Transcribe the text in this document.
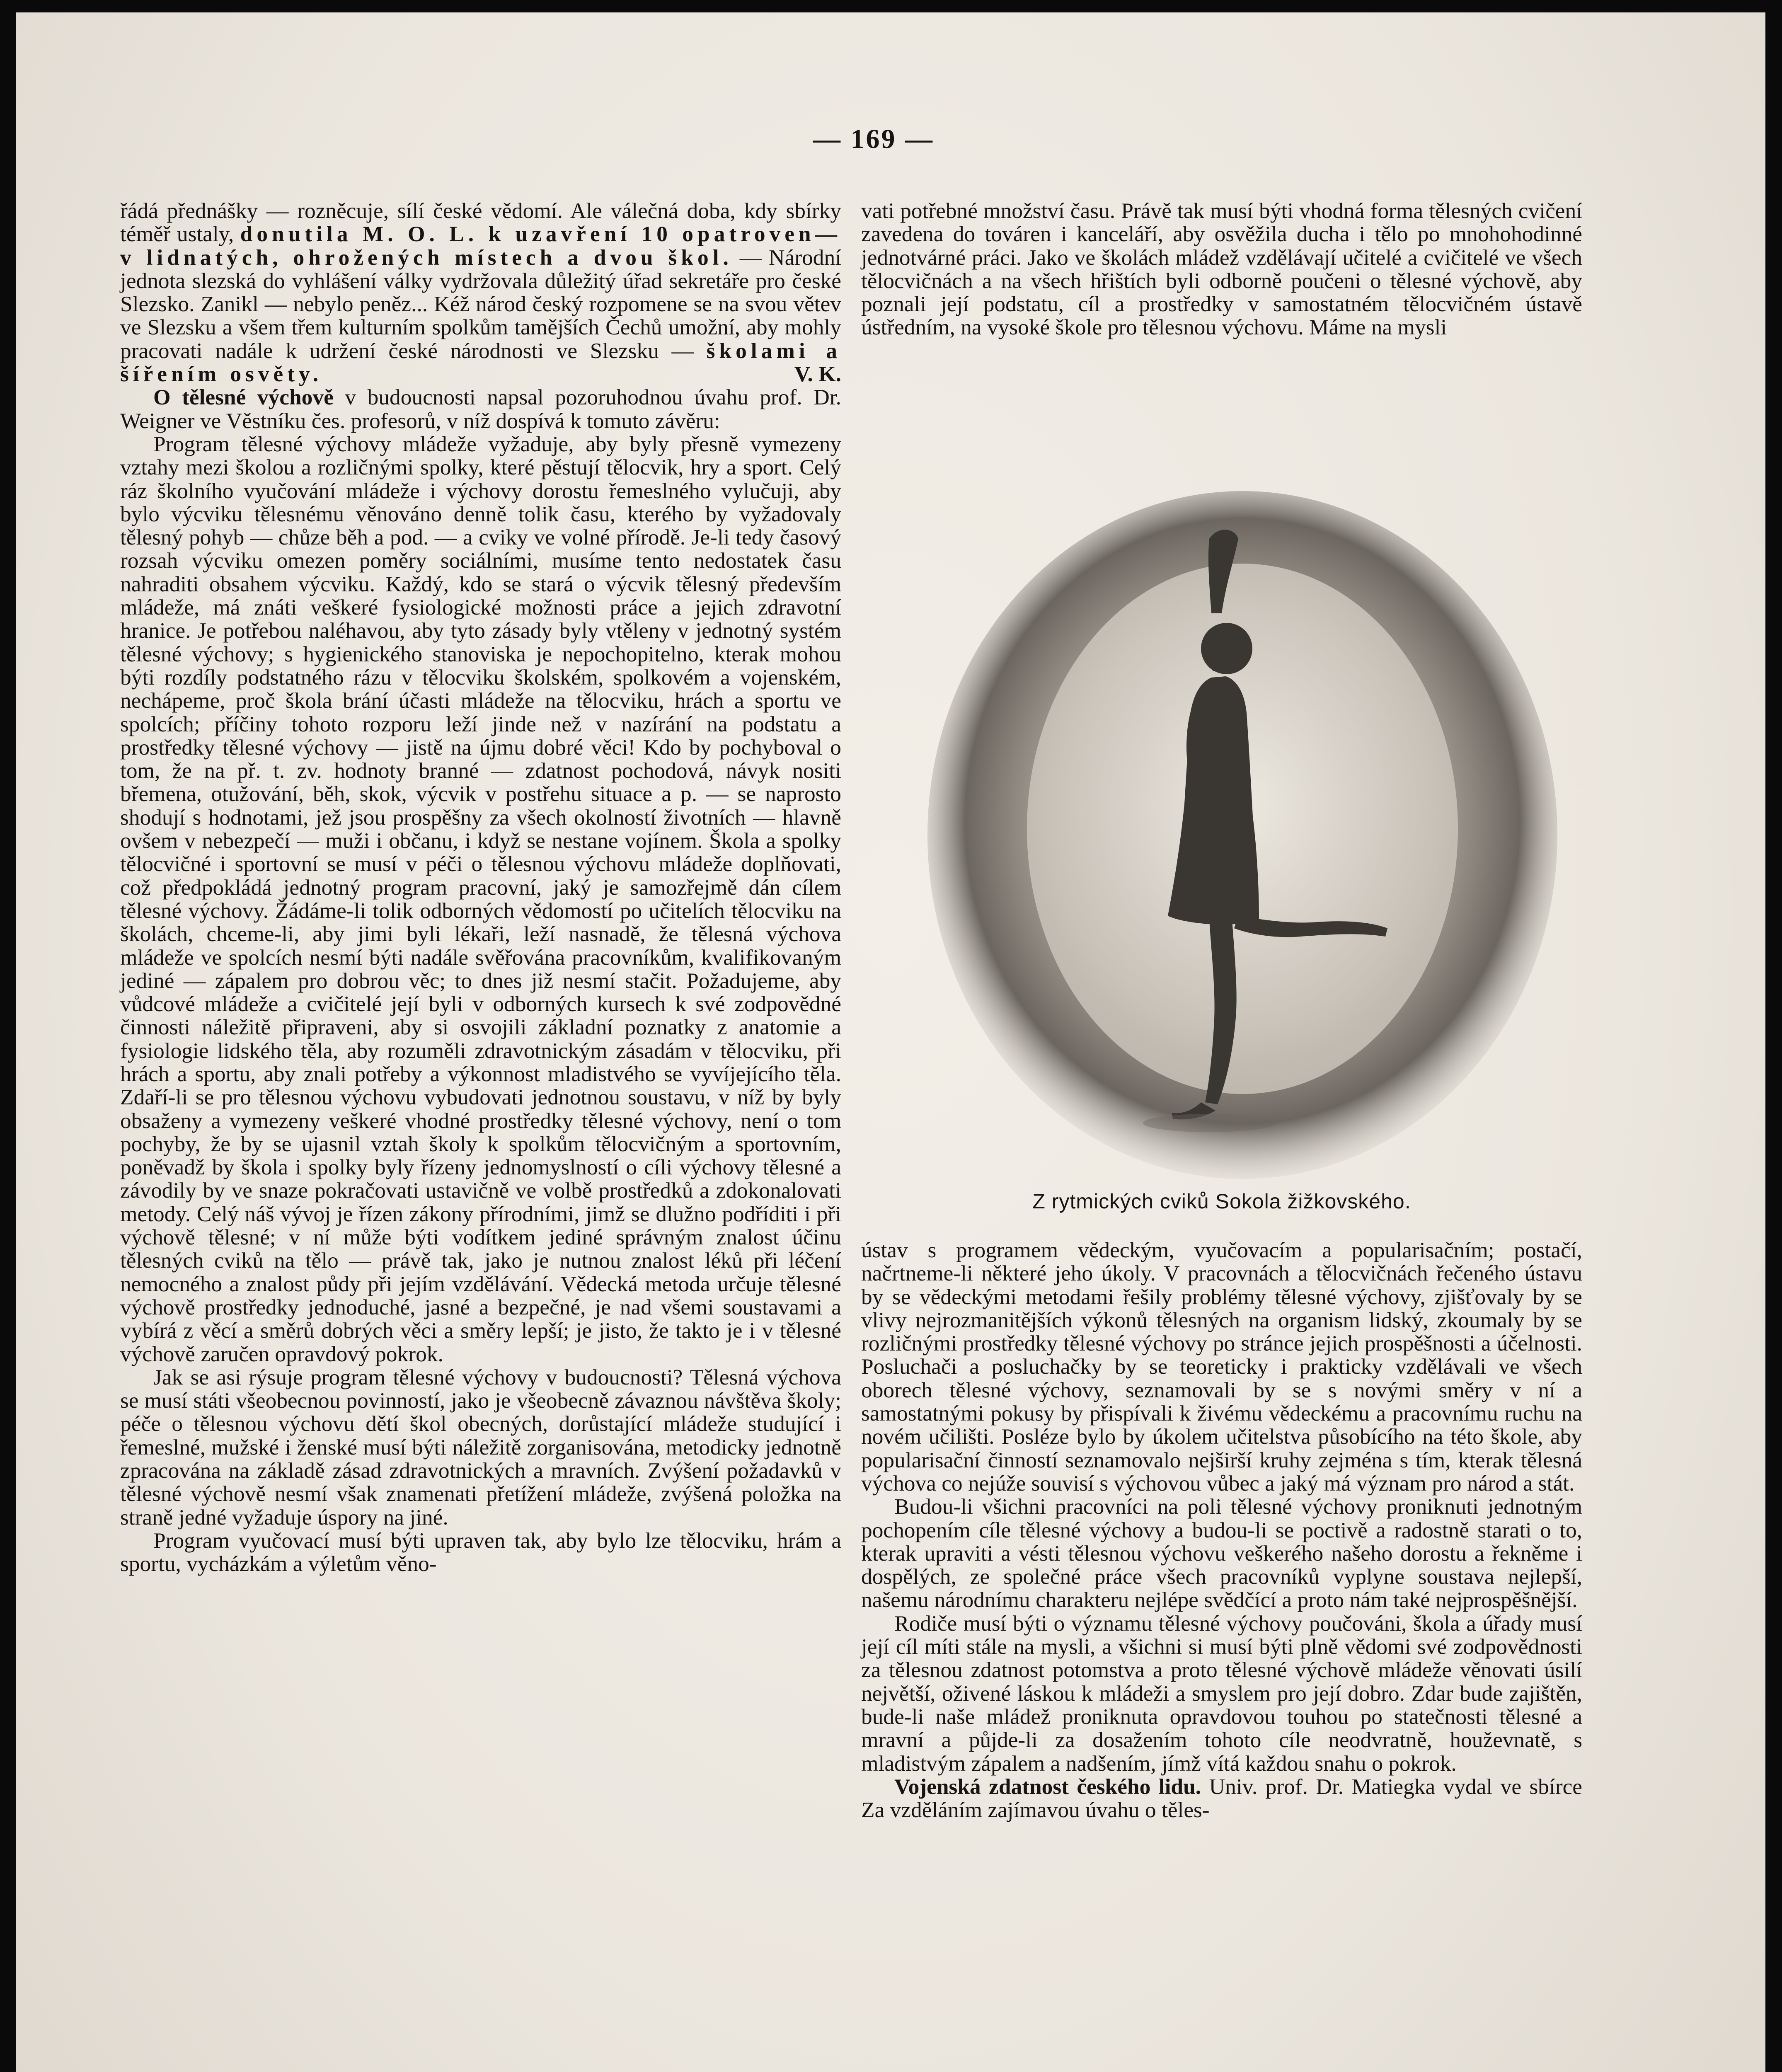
— 169 —

řádá přednášky — rozněcuje, sílí české vědomí. Ale válečná doba, kdy sbírky téměř ustaly, donutila M. O. L. k uzavření 10 opatroven—v lidnatých, ohrožených místech a dvou škol. — Národní jednota slezská do vyhlášení války vydržovala důležitý úřad sekretáře pro české Slezsko. Zanikl — nebylo peněz... Kéž národ český rozpomene se na svou větev ve Slezsku a všem třem kulturním spolkům tamějších Čechů umožní, aby mohly pracovati nadále k udržení české národnosti ve Slezsku — školami a šířením osvěty.	V. K.

O tělesné výchově v budoucnosti napsal pozoruhodnou úvahu prof. Dr. Weigner ve Věstníku čes. profesorů, v níž dospívá k tomuto závěru:

Program tělesné výchovy mládeže vyžaduje, aby byly přesně vymezeny vztahy mezi školou a rozličnými spolky, které pěstují tělocvik, hry a sport. Celý ráz školního vyučování mládeže i výchovy dorostu řemeslného vylučuji, aby bylo výcviku tělesnému věnováno denně tolik času, kterého by vyžadovaly tělesný pohyb — chůze běh a pod. — a cviky ve volné přírodě. Je-li tedy časový rozsah výcviku omezen poměry sociálními, musíme tento nedostatek času nahraditi obsahem výcviku. Každý, kdo se stará o výcvik tělesný především mládeže, má znáti veškeré fysiologické možnosti práce a jejich zdravotní hranice. Je potřebou naléhavou, aby tyto zásady byly vtěleny v jednotný systém tělesné výchovy; s hygienického stanoviska je nepochopitelno, kterak mohou býti rozdíly podstatného rázu v tělocviku školském, spolkovém a vojenském, nechápeme, proč škola brání účasti mládeže na tělocviku, hrách a sportu ve spolcích; příčiny tohoto rozporu leží jinde než v nazírání na podstatu a prostředky tělesné výchovy — jistě na újmu dobré věci! Kdo by pochyboval o tom, že na př. t. zv. hodnoty branné — zdatnost pochodová, návyk nositi břemena, otužování, běh, skok, výcvik v postřehu situace a p. — se naprosto shodují s hodnotami, jež jsou prospěšny za všech okolností životních — hlavně ovšem v nebezpečí — muži i občanu, i když se nestane vojínem. Škola a spolky tělocvičné i sportovní se musí v péči o tělesnou výchovu mládeže doplňovati, což předpokládá jednotný program pracovní, jaký je samozřejmě dán cílem tělesné výchovy. Žádáme-li tolik odborných vědomostí po učitelích tělocviku na školách, chceme-li, aby jimi byli lékaři, leží nasnadě, že tělesná výchova mládeže ve spolcích nesmí býti nadále svěřována pracovníkům, kvalifikovaným jediné — zápalem pro dobrou věc; to dnes již nesmí stačit. Požadujeme, aby vůdcové mládeže a cvičitelé její byli v odborných kursech k své zodpovědné činnosti náležitě připraveni, aby si osvojili základní poznatky z anatomie a fysiologie lidského těla, aby rozuměli zdravotnickým zásadám v tělocviku, při hrách a sportu, aby znali potřeby a výkonnost mladistvého se vyvíjejícího těla. Zdaří-li se pro tělesnou výchovu vybudovati jednotnou soustavu, v níž by byly obsaženy a vymezeny veškeré vhodné prostředky tělesné výchovy, není o tom pochyby, že by se ujasnil vztah školy k spolkům tělocvičným a sportovním, poněvadž by škola i spolky byly řízeny jednomyslností o cíli výchovy tělesné a závodily by ve snaze pokračovati ustavičně ve volbě prostředků a zdokonalovati metody. Celý náš vývoj je řízen zákony přírodními, jimž se dlužno podříditi i při výchově tělesné; v ní může býti vodítkem jediné správným znalost účinu tělesných cviků na tělo — právě tak, jako je nutnou znalost léků při léčení nemocného a znalost půdy při jejím vzdělávání. Vědecká metoda určuje tělesné výchově prostředky jednoduché, jasné a bezpečné, je nad všemi soustavami a vybírá z věcí a směrů dobrých věci a směry lepší; je jisto, že takto je i v tělesné výchově zaručen opravdový pokrok.

Jak se asi rýsuje program tělesné výchovy v budoucnosti? Tělesná výchova se musí státi všeobecnou povinností, jako je všeobecně závaznou návštěva školy; péče o tělesnou výchovu dětí škol obecných, dorůstající mládeže studující i řemeslné, mužské i ženské musí býti náležitě zorganisována, metodicky jednotně zpracována na základě zásad zdravotnických a mravních. Zvýšení požadavků v tělesné výchově nesmí však znamenati přetížení mládeže, zvýšená položka na straně jedné vyžaduje úspory na jiné.

Program vyučovací musí býti upraven tak, aby bylo lze tělocviku, hrám a sportu, vycházkám a výletům věno-

vati potřebné množství času. Právě tak musí býti vhodná forma tělesných cvičení zavedena do továren i kanceláří, aby osvěžila ducha i tělo po mnohohodinné jednotvárné práci. Jako ve školách mládež vzdělávají učitelé a cvičitelé ve všech tělocvičnách a na všech hřištích byli odborně poučeni o tělesné výchově, aby poznali její podstatu, cíl a prostředky v samostatném tělocvičném ústavě ústředním, na vysoké škole pro tělesnou výchovu. Máme na mysli

Z rytmických cviků Sokola žižkovského.

ústav s programem vědeckým, vyučovacím a popularisačním; postačí, načrtneme-li některé jeho úkoly. V pracovnách a tělocvičnách řečeného ústavu by se vědeckými metodami řešily problémy tělesné výchovy, zjišťovaly by se vlivy nejrozmanitějších výkonů tělesných na organism lidský, zkoumaly by se rozličnými prostředky tělesné výchovy po stránce jejich prospěšnosti a účelnosti. Posluchači a posluchačky by se teoreticky i prakticky vzdělávali ve všech oborech tělesné výchovy, seznamovali by se s novými směry v ní a samostatnými pokusy by přispívali k živému vědeckému a pracovnímu ruchu na novém učilišti. Posléze bylo by úkolem učitelstva působícího na této škole, aby popularisační činností seznamovalo nejširší kruhy zejména s tím, kterak tělesná výchova co nejúže souvisí s výchovou vůbec a jaký má význam pro národ a stát.

Budou-li všichni pracovníci na poli tělesné výchovy proniknuti jednotným pochopením cíle tělesné výchovy a budou-li se poctivě a radostně starati o to, kterak upraviti a vésti tělesnou výchovu veškerého našeho dorostu a řekněme i dospělých, ze společné práce všech pracovníků vyplyne soustava nejlepší, našemu národnímu charakteru nejlépe svědčící a proto nám také nejprospěšnější.

Rodiče musí býti o významu tělesné výchovy poučováni, škola a úřady musí její cíl míti stále na mysli, a všichni si musí býti plně vědomi své zodpovědnosti za tělesnou zdatnost potomstva a proto tělesné výchově mládeže věnovati úsilí největší, oživené láskou k mládeži a smyslem pro její dobro. Zdar bude zajištěn, bude-li naše mládež proniknuta opravdovou touhou po statečnosti tělesné a mravní a půjde-li za dosažením tohoto cíle neodvratně, houževnatě, s mladistvým zápalem a nadšením, jímž vítá každou snahu o pokrok.

Vojenská zdatnost českého lidu. Univ. prof. Dr. Matiegka vydal ve sbírce Za vzděláním zajímavou úvahu o těles-
